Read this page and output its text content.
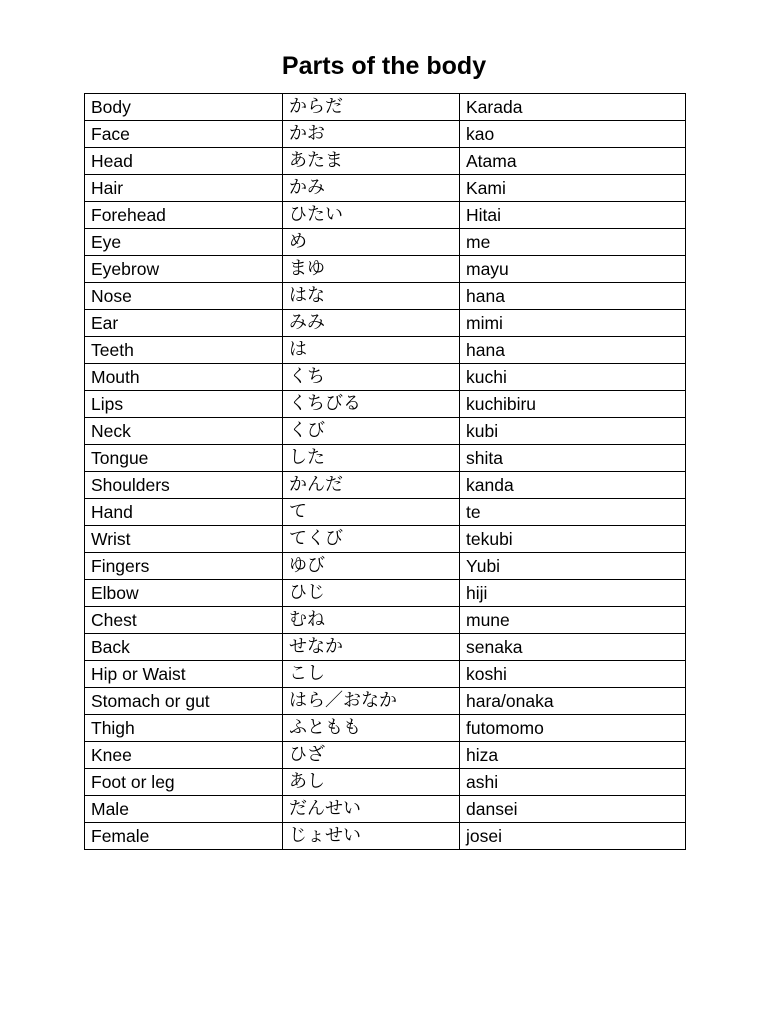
Parts of the body
Body	からだ	Karada
Face	かお	kao
Head	あたま	Atama
Hair	かみ	Kami
Forehead	ひたい	Hitai
Eye	め	me
Eyebrow	まゆ	mayu
Nose	はな	hana
Ear	みみ	mimi
Teeth	は	hana
Mouth	くち	kuchi
Lips	くちびる	kuchibiru
Neck	くび	kubi
Tongue	した	shita
Shoulders	かんだ	kanda
Hand	て	te
Wrist	てくび	tekubi
Fingers	ゆび	Yubi
Elbow	ひじ	hiji
Chest	むね	mune
Back	せなか	senaka
Hip or Waist	こし	koshi
Stomach or gut	はら／おなか	hara/onaka
Thigh	ふともも	futomomo
Knee	ひざ	hiza
Foot or leg	あし	ashi
Male	だんせい	dansei
Female	じょせい	josei
